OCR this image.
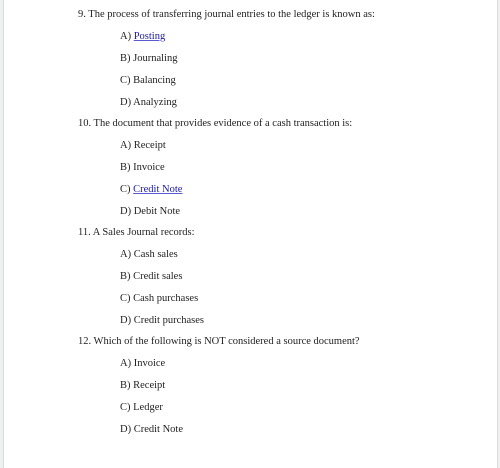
9. The process of transferring journal entries to the ledger is known as:
A) Posting
B) Journaling
C) Balancing
D) Analyzing
10. The document that provides evidence of a cash transaction is:
A) Receipt
B) Invoice
C) Credit Note
D) Debit Note
11. A Sales Journal records:
A) Cash sales
B) Credit sales
C) Cash purchases
D) Credit purchases
12. Which of the following is NOT considered a source document?
A) Invoice
B) Receipt
C) Ledger
D) Credit Note
